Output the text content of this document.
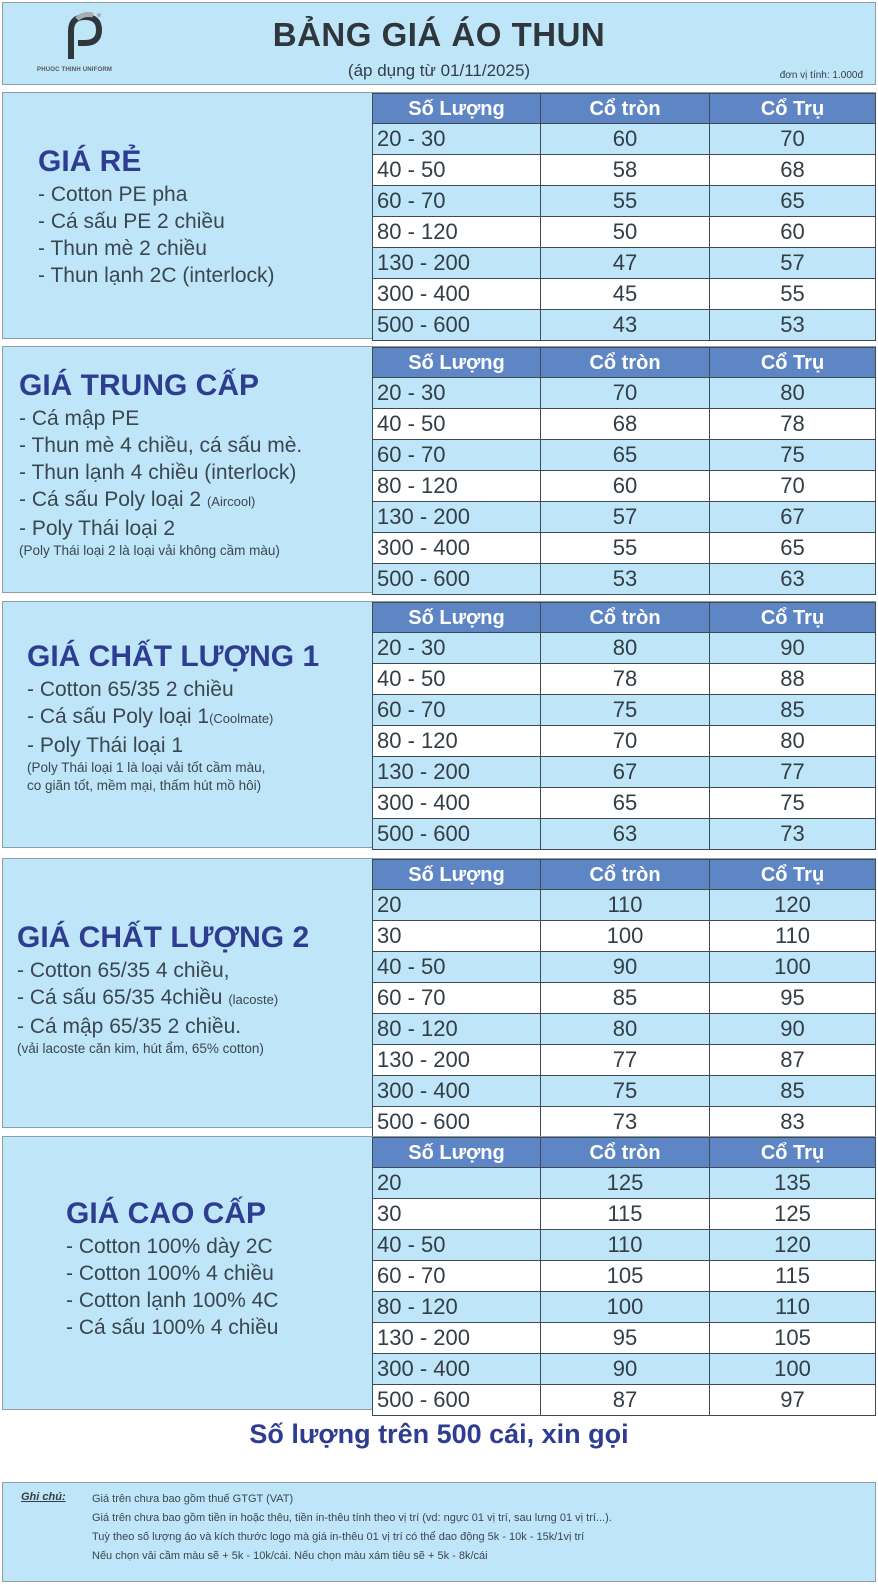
PHUOC THINH UNIFORM
BẢNG GIÁ ÁO THUN
(áp dụng từ 01/11/2025)	đơn vị tính: 1.000đ
GIÁ RẺ
- Cotton PE pha
- Cá sấu PE 2 chiều
- Thun mè 2 chiều
- Thun lạnh 2C (interlock)
Số Lượng	Cổ tròn	Cổ Trụ
20 - 30	60	70
40 - 50	58	68
60 - 70	55	65
80 - 120	50	60
130 - 200	47	57
300 - 400	45	55
500 - 600	43	53
GIÁ TRUNG CẤP
- Cá mập PE
- Thun mè 4 chiều, cá sấu mè.
- Thun lạnh 4 chiều (interlock)
- Cá sấu Poly loại 2 (Aircool)
- Poly Thái loại 2
(Poly Thái loại 2 là loại vải không cầm màu)
Số Lượng	Cổ tròn	Cổ Trụ
20 - 30	70	80
40 - 50	68	78
60 - 70	65	75
80 - 120	60	70
130 - 200	57	67
300 - 400	55	65
500 - 600	53	63
GIÁ CHẤT LƯỢNG 1
- Cotton 65/35 2 chiều
- Cá sấu Poly loại 1(Coolmate)
- Poly Thái loại 1
(Poly Thái loại 1 là loại vải tốt cầm màu,
co giãn tốt, mềm mại, thấm hút mồ hôi)
Số Lượng	Cổ tròn	Cổ Trụ
20 - 30	80	90
40 - 50	78	88
60 - 70	75	85
80 - 120	70	80
130 - 200	67	77
300 - 400	65	75
500 - 600	63	73
GIÁ CHẤT LƯỢNG 2
- Cotton 65/35 4 chiều,
- Cá sấu 65/35 4chiều (lacoste)
- Cá mập 65/35 2 chiều.
(vải lacoste căn kim, hút ẩm, 65% cotton)
Số Lượng	Cổ tròn	Cổ Trụ
20	110	120
30	100	110
40 - 50	90	100
60 - 70	85	95
80 - 120	80	90
130 - 200	77	87
300 - 400	75	85
500 - 600	73	83
GIÁ CAO CẤP
- Cotton 100% dày 2C
- Cotton 100% 4 chiều
- Cotton lạnh 100% 4C
- Cá sấu 100% 4 chiều
Số Lượng	Cổ tròn	Cổ Trụ
20	125	135
30	115	125
40 - 50	110	120
60 - 70	105	115
80 - 120	100	110
130 - 200	95	105
300 - 400	90	100
500 - 600	87	97
Số lượng trên 500 cái, xin gọi
Ghi chú: Giá trên chưa bao gồm thuế GTGT (VAT)
Giá trên chưa bao gồm tiền in hoặc thêu, tiền in-thêu tính theo vị trí (vd: ngực 01 vị trí, sau lưng 01 vị trí...).
Tuỳ theo số lượng áo và kích thước logo mà giá in-thêu 01 vị trí có thể dao động 5k - 10k - 15k/1vị trí
Nếu chọn vải cầm màu sẽ + 5k - 10k/cái. Nếu chọn màu xám tiêu sẽ + 5k - 8k/cái
